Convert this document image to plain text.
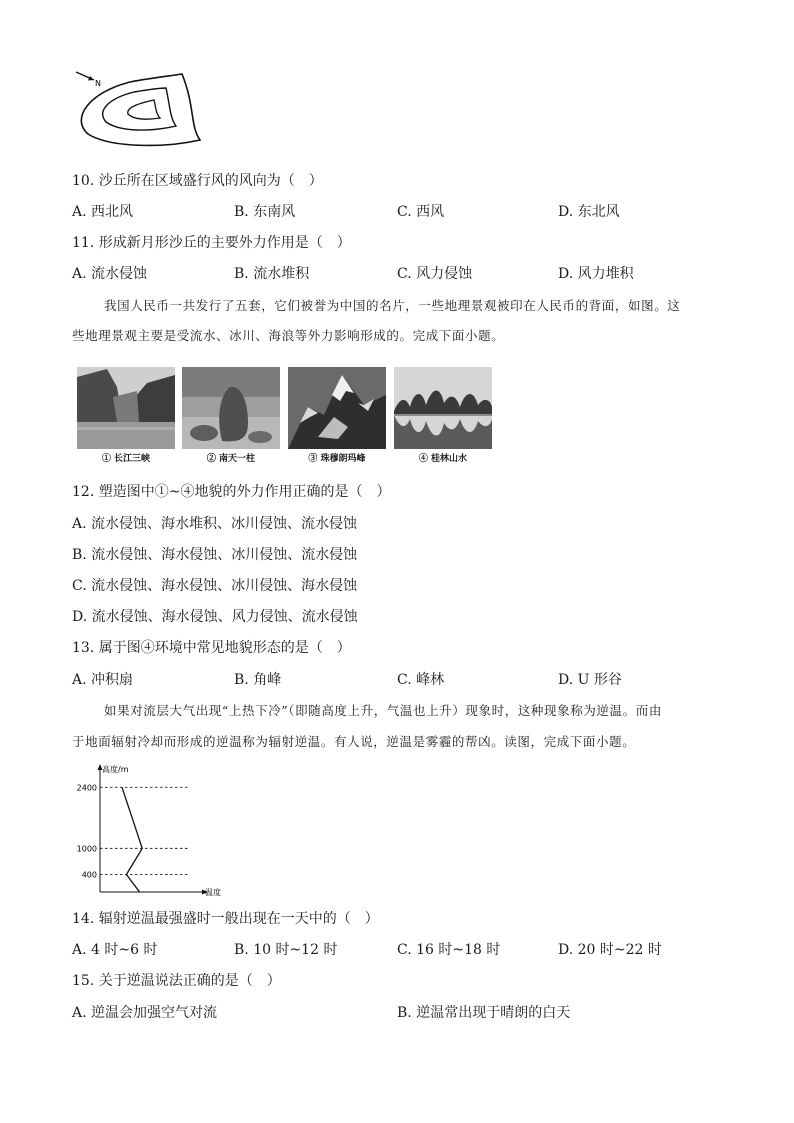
N
10. 沙丘所在区域盛行风的风向为（　）
A. 西北风	B. 东南风	C. 西风	D. 东北风
11. 形成新月形沙丘的主要外力作用是（　）
A. 流水侵蚀	B. 流水堆积	C. 风力侵蚀	D. 风力堆积
我国人民币一共发行了五套，它们被誉为中国的名片，一些地理景观被印在人民币的背面，如图。这
些地理景观主要是受流水、冰川、海浪等外力影响形成的。完成下面小题。
① 长江三峡	② 南天一柱	③ 珠穆朗玛峰	④ 桂林山水
12. 塑造图中①~④地貌的外力作用正确的是（　）
A. 流水侵蚀、海水堆积、冰川侵蚀、流水侵蚀
B. 流水侵蚀、海水侵蚀、冰川侵蚀、流水侵蚀
C. 流水侵蚀、海水侵蚀、冰川侵蚀、海水侵蚀
D. 流水侵蚀、海水侵蚀、风力侵蚀、流水侵蚀
13. 属于图④环境中常见地貌形态的是（　）
A. 冲积扇	B. 角峰	C. 峰林	D. U 形谷
如果对流层大气出现“上热下冷”（即随高度上升，气温也上升）现象时，这种现象称为逆温。而由
于地面辐射冷却而形成的逆温称为辐射逆温。有人说，逆温是雾霾的帮凶。读图，完成下面小题。
高度/m
温度
400
1000
2400
14. 辐射逆温最强盛时一般出现在一天中的（　）
A. 4 时~6 时	B. 10 时~12 时	C. 16 时~18 时	D. 20 时~22 时
15. 关于逆温说法正确的是（　）
A. 逆温会加强空气对流	B. 逆温常出现于晴朗的白天
